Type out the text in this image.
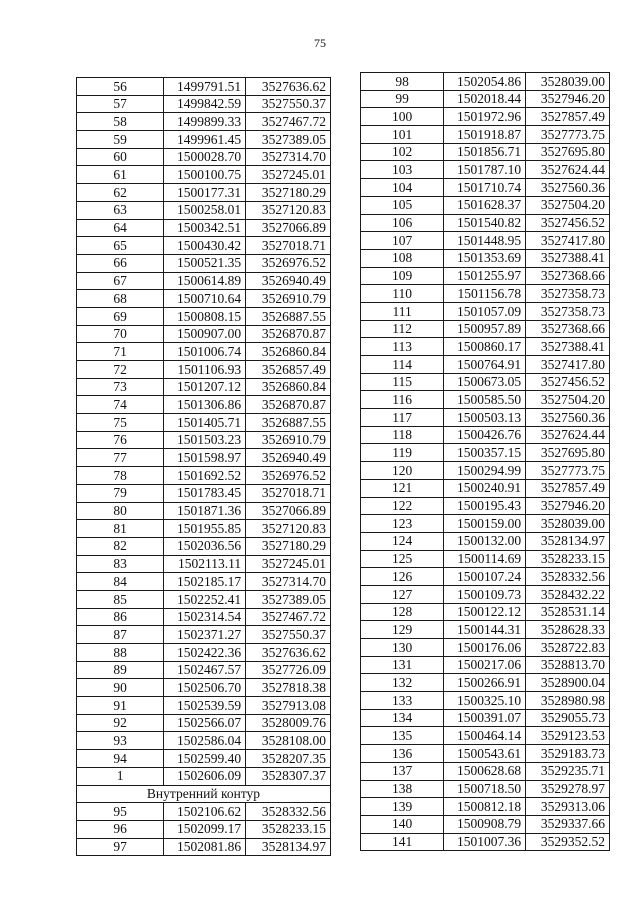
75
56	1499791.51	3527636.62
57	1499842.59	3527550.37
58	1499899.33	3527467.72
59	1499961.45	3527389.05
60	1500028.70	3527314.70
61	1500100.75	3527245.01
62	1500177.31	3527180.29
63	1500258.01	3527120.83
64	1500342.51	3527066.89
65	1500430.42	3527018.71
66	1500521.35	3526976.52
67	1500614.89	3526940.49
68	1500710.64	3526910.79
69	1500808.15	3526887.55
70	1500907.00	3526870.87
71	1501006.74	3526860.84
72	1501106.93	3526857.49
73	1501207.12	3526860.84
74	1501306.86	3526870.87
75	1501405.71	3526887.55
76	1501503.23	3526910.79
77	1501598.97	3526940.49
78	1501692.52	3526976.52
79	1501783.45	3527018.71
80	1501871.36	3527066.89
81	1501955.85	3527120.83
82	1502036.56	3527180.29
83	1502113.11	3527245.01
84	1502185.17	3527314.70
85	1502252.41	3527389.05
86	1502314.54	3527467.72
87	1502371.27	3527550.37
88	1502422.36	3527636.62
89	1502467.57	3527726.09
90	1502506.70	3527818.38
91	1502539.59	3527913.08
92	1502566.07	3528009.76
93	1502586.04	3528108.00
94	1502599.40	3528207.35
1	1502606.09	3528307.37
Внутренний контур		
95	1502106.62	3528332.56
96	1502099.17	3528233.15
97	1502081.86	3528134.97
98	1502054.86	3528039.00
99	1502018.44	3527946.20
100	1501972.96	3527857.49
101	1501918.87	3527773.75
102	1501856.71	3527695.80
103	1501787.10	3527624.44
104	1501710.74	3527560.36
105	1501628.37	3527504.20
106	1501540.82	3527456.52
107	1501448.95	3527417.80
108	1501353.69	3527388.41
109	1501255.97	3527368.66
110	1501156.78	3527358.73
111	1501057.09	3527358.73
112	1500957.89	3527368.66
113	1500860.17	3527388.41
114	1500764.91	3527417.80
115	1500673.05	3527456.52
116	1500585.50	3527504.20
117	1500503.13	3527560.36
118	1500426.76	3527624.44
119	1500357.15	3527695.80
120	1500294.99	3527773.75
121	1500240.91	3527857.49
122	1500195.43	3527946.20
123	1500159.00	3528039.00
124	1500132.00	3528134.97
125	1500114.69	3528233.15
126	1500107.24	3528332.56
127	1500109.73	3528432.22
128	1500122.12	3528531.14
129	1500144.31	3528628.33
130	1500176.06	3528722.83
131	1500217.06	3528813.70
132	1500266.91	3528900.04
133	1500325.10	3528980.98
134	1500391.07	3529055.73
135	1500464.14	3529123.53
136	1500543.61	3529183.73
137	1500628.68	3529235.71
138	1500718.50	3529278.97
139	1500812.18	3529313.06
140	1500908.79	3529337.66
141	1501007.36	3529352.52
